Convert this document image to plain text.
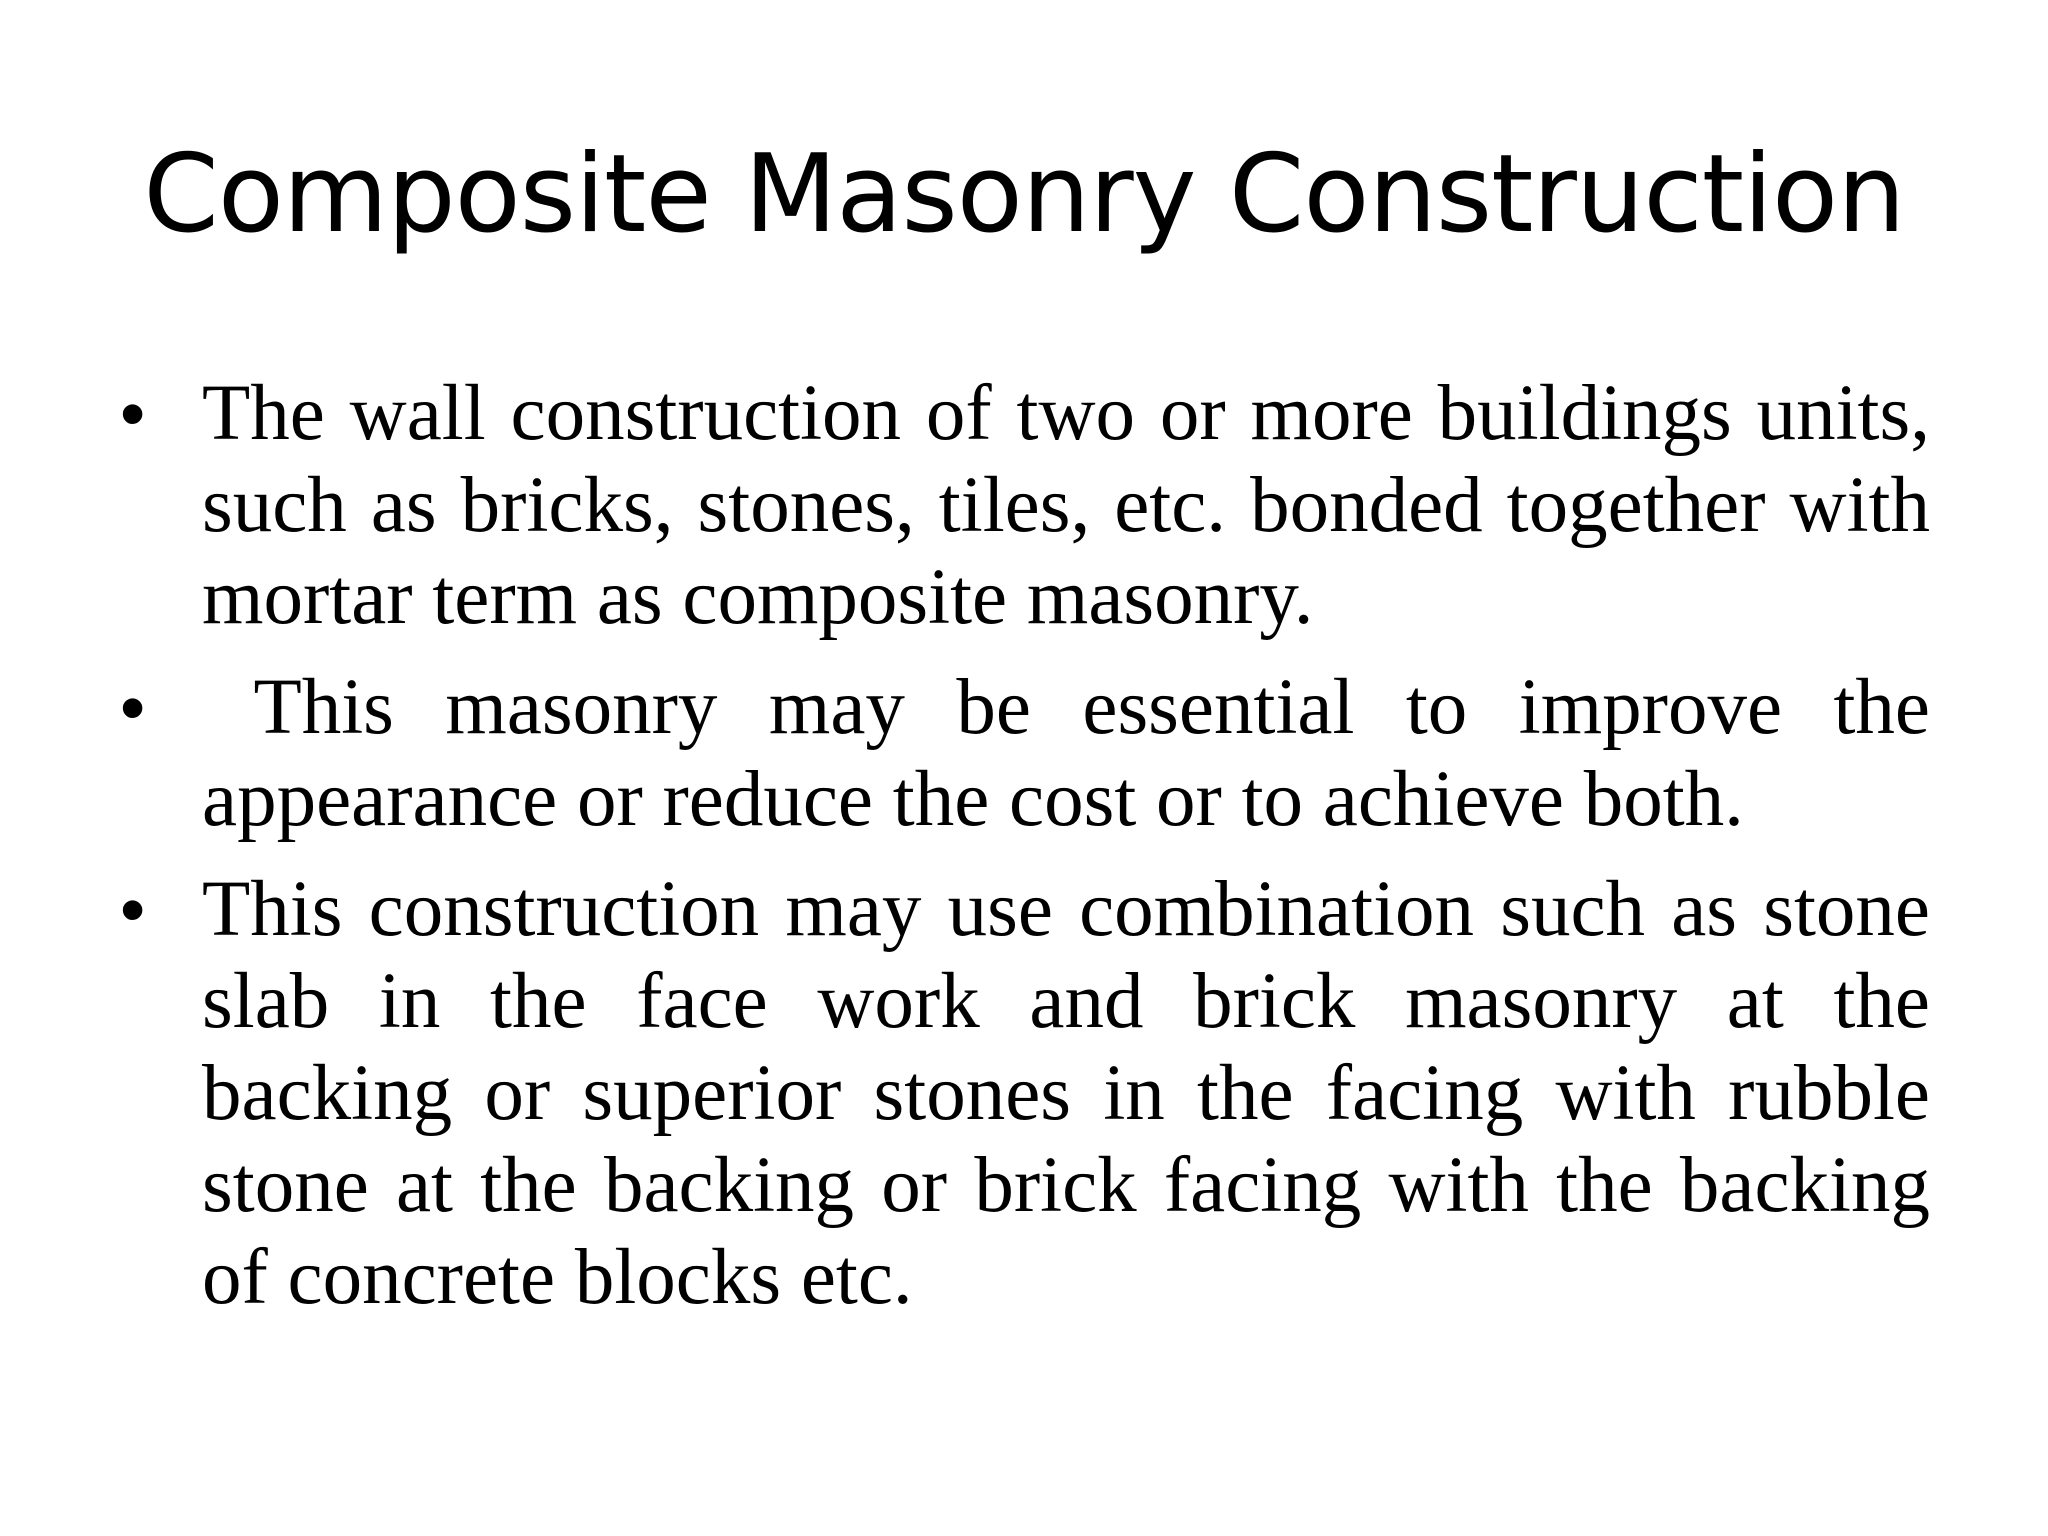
Composite Masonry Construction
• The wall construction of two or more buildings units, such as bricks, stones, tiles, etc. bonded together with mortar term as composite masonry.
• This masonry may be essential to improve the appearance or reduce the cost or to achieve both.
• This construction may use combination such as stone slab in the face work and brick masonry at the backing or superior stones in the facing with rubble stone at the backing or brick facing with the backing of concrete blocks etc.
